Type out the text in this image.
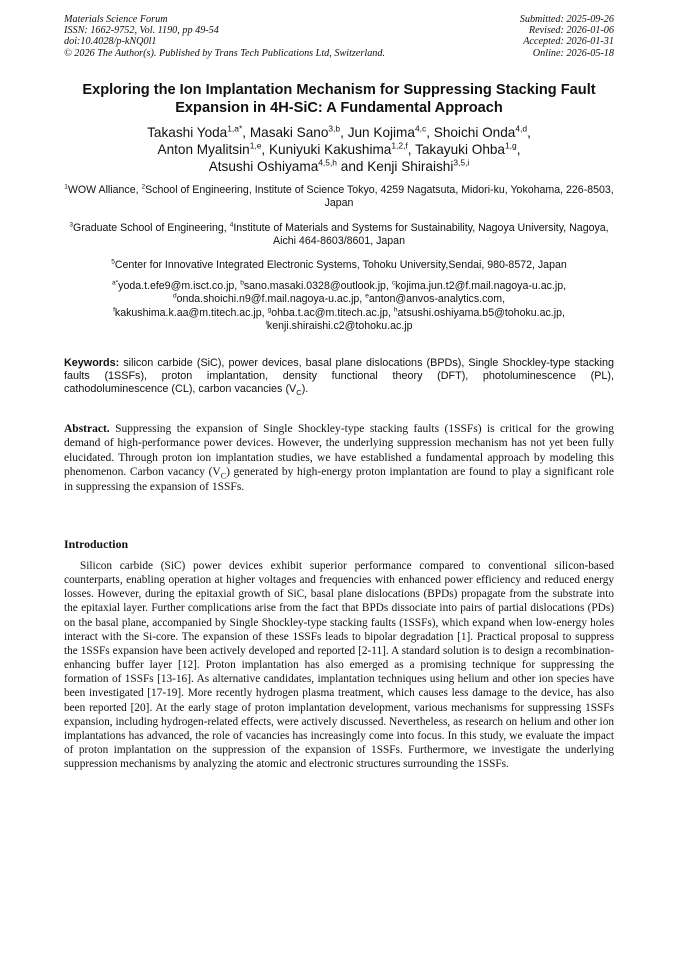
Materials Science Forum
ISSN: 1662-9752, Vol. 1190, pp 49-54
doi:10.4028/p-kNQ0l1
© 2026 The Author(s). Published by Trans Tech Publications Ltd, Switzerland.
Submitted: 2025-09-26
Revised: 2026-01-06
Accepted: 2026-01-31
Online: 2026-05-18
Exploring the Ion Implantation Mechanism for Suppressing Stacking Fault Expansion in 4H-SiC: A Fundamental Approach
Takashi Yoda$^{1,a*}$, Masaki Sano$^{3,b}$, Jun Kojima$^{4,c}$, Shoichi Onda$^{4,d}$,
Anton Myalitsin$^{1,e}$, Kuniyuki Kakushima$^{1,2,f}$, Takayuki Ohba$^{1,g}$,
Atsushi Oshiyama$^{4,5,h}$ and Kenji Shiraishi$^{3,5,i}$
$^1$WOW Alliance, $^2$School of Engineering, Institute of Science Tokyo, 4259 Nagatsuta, Midori-ku, Yokohama, 226-8503, Japan
$^3$Graduate School of Engineering, $^4$Institute of Materials and Systems for Sustainability, Nagoya University, Nagoya, Aichi 464-8603/8601, Japan
$^5$Center for Innovative Integrated Electronic Systems, Tohoku University,Sendai, 980-8572, Japan
$^{a*}$yoda.t.efe9@m.isct.co.jp, $^b$sano.masaki.0328@outlook.jp, $^c$kojima.jun.t2@f.mail.nagoya-u.ac.jp,
$^d$onda.shoichi.n9@f.mail.nagoya-u.ac.jp, $^e$anton@anvos-analytics.com,
$^f$kakushima.k.aa@m.titech.ac.jp, $^g$ohba.t.ac@m.titech.ac.jp, $^h$atsushi.oshiyama.b5@tohoku.ac.jp,
$^i$kenji.shiraishi.c2@tohoku.ac.jp
Keywords: silicon carbide (SiC), power devices, basal plane dislocations (BPDs), Single Shockley-type stacking faults (1SSFs), proton implantation, density functional theory (DFT), photoluminescence (PL), cathodoluminescence (CL), carbon vacancies $(V_C)$.
Abstract. Suppressing the expansion of Single Shockley-type stacking faults (1SSFs) is critical for the growing demand of high-performance power devices. However, the underlying suppression mechanism has not yet been fully elucidated. Through proton ion implantation studies, we have established a fundamental approach by modeling this phenomenon. Carbon vacancy $(V_C)$ generated by high-energy proton implantation are found to play a significant role in suppressing the expansion of 1SSFs.
Introduction

Silicon carbide (SiC) power devices exhibit superior performance compared to conventional silicon-based counterparts, enabling operation at higher voltages and frequencies with enhanced power efficiency and reduced energy losses. However, during the epitaxial growth of SiC, basal plane dislocations (BPDs) propagate from the substrate into the epitaxial layer. Further complications arise from the fact that BPDs dissociate into pairs of partial dislocations (PDs) on the basal plane, accompanied by Single Shockley-type stacking faults (1SSFs), which expand when low-energy holes interact with the Si-core. The expansion of these 1SSFs leads to bipolar degradation [1]. Practical proposal to suppress the 1SSFs expansion have been actively developed and reported [2-11]. A standard solution is to design a recombination-enhancing buffer layer [12]. Proton implantation has also emerged as a promising technique for suppressing the formation of 1SSFs [13-16]. As alternative candidates, implantation techniques using helium and other ion species have been investigated [17-19]. More recently hydrogen plasma treatment, which causes less damage to the device, has also been reported [20]. At the early stage of proton implantation development, various mechanisms for suppressing 1SSFs expansion, including hydrogen-related effects, were actively discussed. Nevertheless, as research on helium and other ion implantations has advanced, the role of vacancies has increasingly come into focus. In this study, we evaluate the impact of proton implantation on the suppression of the expansion of 1SSFs. Furthermore, we investigate the underlying suppression mechanisms by analyzing the atomic and electronic structures surrounding the 1SSFs.
